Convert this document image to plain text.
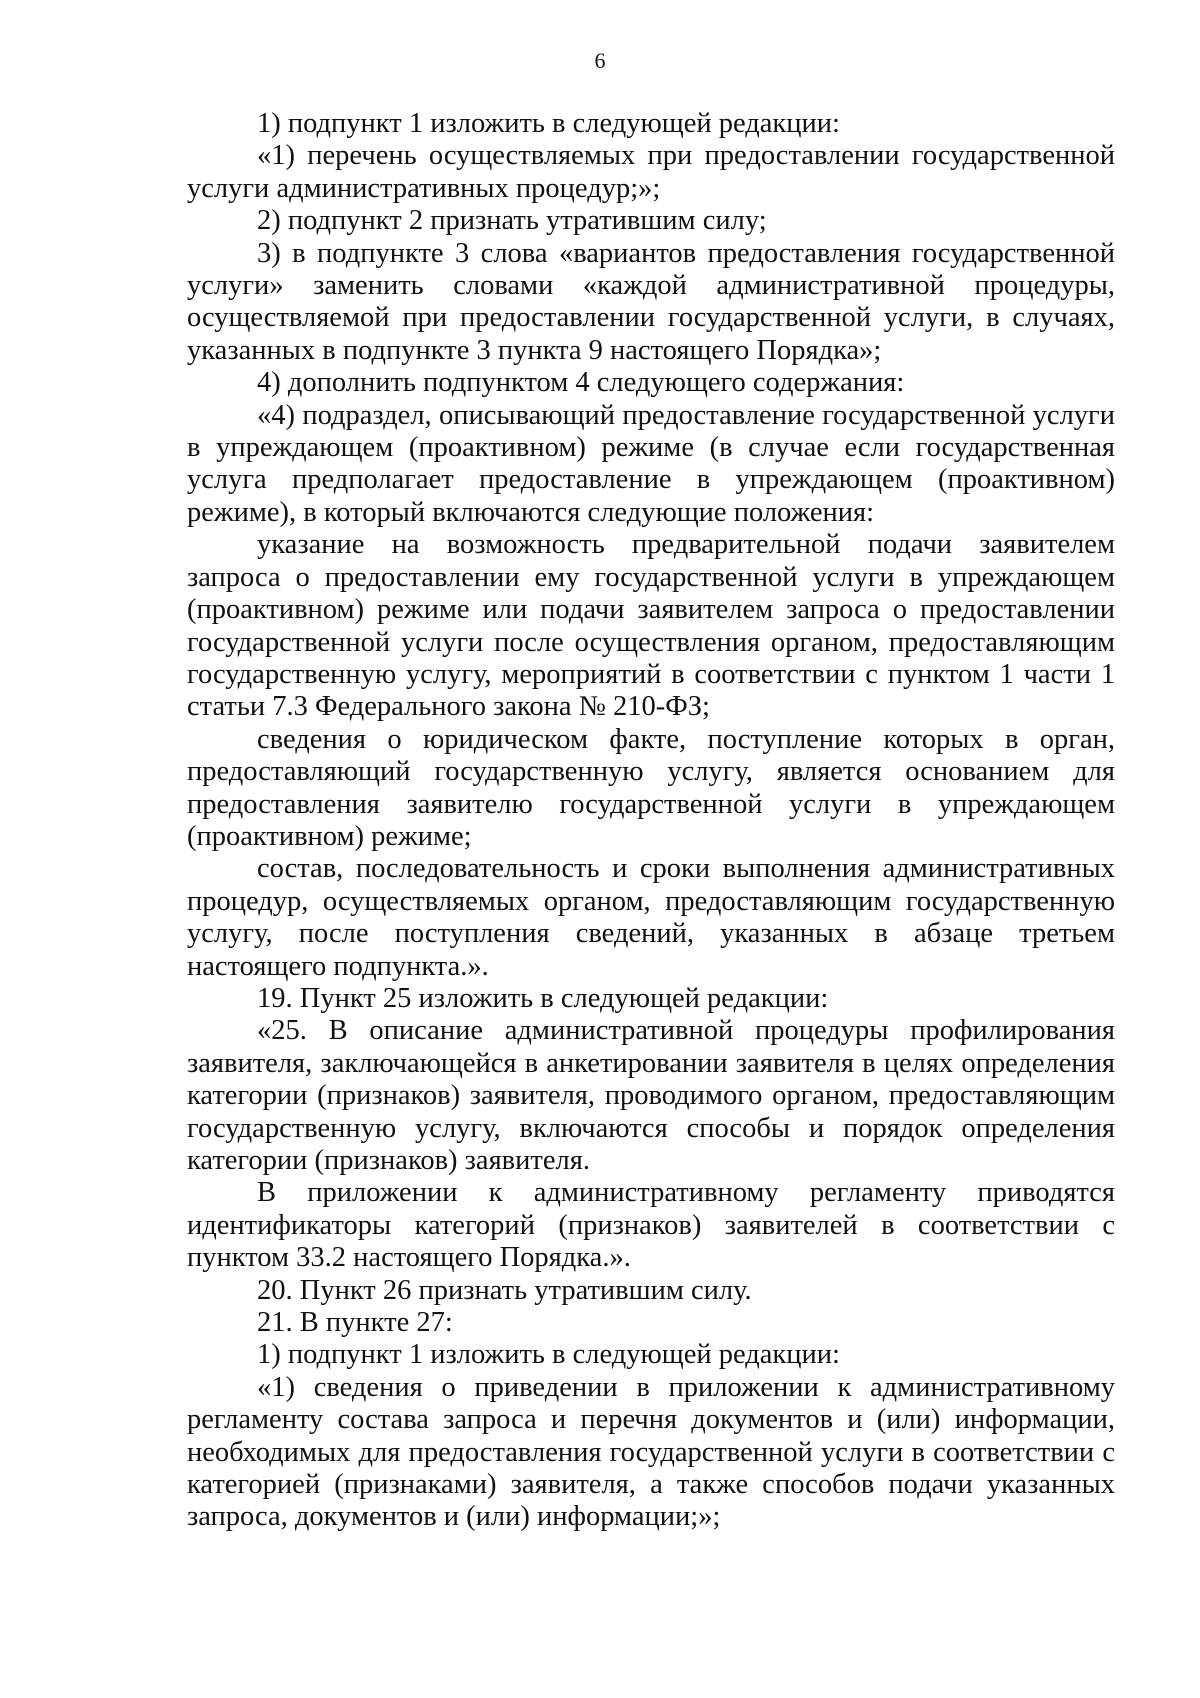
6

1) подпункт 1 изложить в следующей редакции:

«1) перечень осуществляемых при предоставлении государственной услуги административных процедур;»;

2) подпункт 2 признать утратившим силу;

3) в подпункте 3 слова «вариантов предоставления государственной услуги» заменить словами «каждой административной процедуры, осуществляемой при предоставлении государственной услуги, в случаях, указанных в подпункте 3 пункта 9 настоящего Порядка»;

4) дополнить подпунктом 4 следующего содержания:

«4) подраздел, описывающий предоставление государственной услуги в упреждающем (проактивном) режиме (в случае если государственная услуга предполагает предоставление в упреждающем (проактивном) режиме), в который включаются следующие положения:

указание на возможность предварительной подачи заявителем запроса о предоставлении ему государственной услуги в упреждающем (проактивном) режиме или подачи заявителем запроса о предоставлении государственной услуги после осуществления органом, предоставляющим государственную услугу, мероприятий в соответствии с пунктом 1 части 1 статьи 7.3 Федерального закона № 210-ФЗ;

сведения о юридическом факте, поступление которых в орган, предоставляющий государственную услугу, является основанием для предоставления заявителю государственной услуги в упреждающем (проактивном) режиме;

состав, последовательность и сроки выполнения административных процедур, осуществляемых органом, предоставляющим государственную услугу, после поступления сведений, указанных в абзаце третьем настоящего подпункта.».

19. Пункт 25 изложить в следующей редакции:

«25. В описание административной процедуры профилирования заявителя, заключающейся в анкетировании заявителя в целях определения категории (признаков) заявителя, проводимого органом, предоставляющим государственную услугу, включаются способы и порядок определения категории (признаков) заявителя.

В приложении к административному регламенту приводятся идентификаторы категорий (признаков) заявителей в соответствии с пунктом 33.2 настоящего Порядка.».

20. Пункт 26 признать утратившим силу.

21. В пункте 27:

1) подпункт 1 изложить в следующей редакции:

«1) сведения о приведении в приложении к административному регламенту состава запроса и перечня документов и (или) информации, необходимых для предоставления государственной услуги в соответствии с категорией (признаками) заявителя, а также способов подачи указанных запроса, документов и (или) информации;»;
